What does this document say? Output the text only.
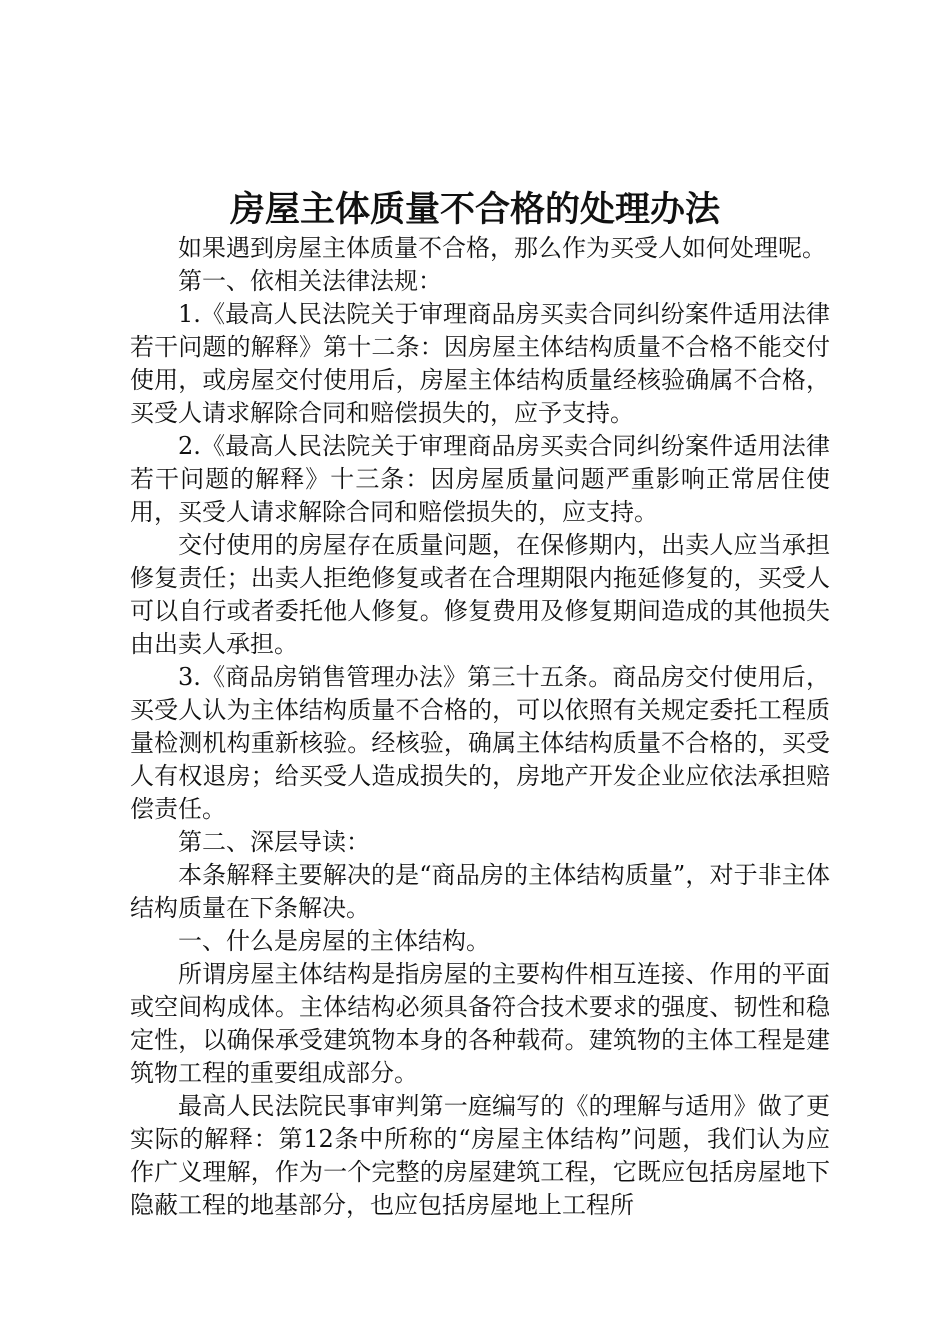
房屋主体质量不合格的处理办法

如果遇到房屋主体质量不合格，那么作为买受人如何处理呢。

第一、依相关法律法规：

1.《最高人民法院关于审理商品房买卖合同纠纷案件适用法律若干问题的解释》第十二条：因房屋主体结构质量不合格不能交付使用，或房屋交付使用后，房屋主体结构质量经核验确属不合格，买受人请求解除合同和赔偿损失的，应予支持。

2.《最高人民法院关于审理商品房买卖合同纠纷案件适用法律若干问题的解释》十三条：因房屋质量问题严重影响正常居住使用，买受人请求解除合同和赔偿损失的，应支持。

交付使用的房屋存在质量问题，在保修期内，出卖人应当承担修复责任；出卖人拒绝修复或者在合理期限内拖延修复的，买受人可以自行或者委托他人修复。修复费用及修复期间造成的其他损失由出卖人承担。

3.《商品房销售管理办法》第三十五条。商品房交付使用后，买受人认为主体结构质量不合格的，可以依照有关规定委托工程质量检测机构重新核验。经核验，确属主体结构质量不合格的，买受人有权退房；给买受人造成损失的，房地产开发企业应依法承担赔偿责任。

第二、深层导读：

本条解释主要解决的是“商品房的主体结构质量”，对于非主体结构质量在下条解决。

一、什么是房屋的主体结构。

所谓房屋主体结构是指房屋的主要构件相互连接、作用的平面或空间构成体。主体结构必须具备符合技术要求的强度、韧性和稳定性，以确保承受建筑物本身的各种载荷。建筑物的主体工程是建筑物工程的重要组成部分。

最高人民法院民事审判第一庭编写的《的理解与适用》做了更实际的解释：第12条中所称的“房屋主体结构”问题，我们认为应作广义理解，作为一个完整的房屋建筑工程，它既应包括房屋地下隐蔽工程的地基部分，也应包括房屋地上工程所
